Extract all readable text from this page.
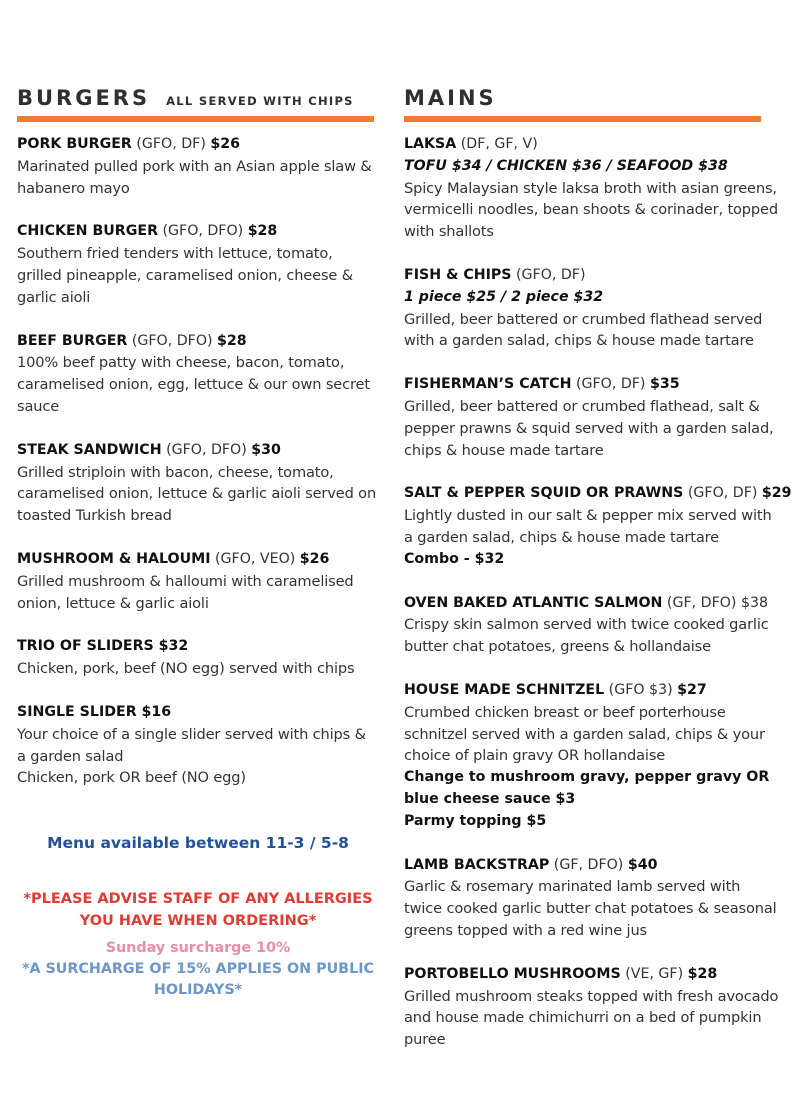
BURGERS ALL SERVED WITH CHIPS
PORK BURGER (GFO, DF) $26
Marinated pulled pork with an Asian apple slaw & habanero mayo
CHICKEN BURGER (GFO, DFO) $28
Southern fried tenders with lettuce, tomato, grilled pineapple, caramelised onion, cheese & garlic aioli
BEEF BURGER (GFO, DFO) $28
100% beef patty with cheese, bacon, tomato, caramelised onion, egg, lettuce & our own secret sauce
STEAK SANDWICH (GFO, DFO) $30
Grilled striploin with bacon, cheese, tomato, caramelised onion, lettuce & garlic aioli served on toasted Turkish bread
MUSHROOM & HALOUMI (GFO, VEO) $26
Grilled mushroom & halloumi with caramelised onion, lettuce & garlic aioli
TRIO OF SLIDERS $32
Chicken, pork, beef (NO egg) served with chips
SINGLE SLIDER $16
Your choice of a single slider served with chips & a garden salad
Chicken, pork OR beef (NO egg)
Menu available between 11-3 / 5-8
*PLEASE ADVISE STAFF OF ANY ALLERGIES YOU HAVE WHEN ORDERING*
Sunday surcharge 10%
*A SURCHARGE OF 15% APPLIES ON PUBLIC HOLIDAYS*
MAINS
LAKSA (DF, GF, V)
TOFU $34 / CHICKEN $36 / SEAFOOD $38
Spicy Malaysian style laksa broth with asian greens, vermicelli noodles, bean shoots & corinader, topped with shallots
FISH & CHIPS (GFO, DF)
1 piece $25 / 2 piece $32
Grilled, beer battered or crumbed flathead served with a garden salad, chips & house made tartare
FISHERMAN’S CATCH (GFO, DF) $35
Grilled, beer battered or crumbed flathead, salt & pepper prawns & squid served with a garden salad, chips & house made tartare
SALT & PEPPER SQUID OR PRAWNS (GFO, DF) $29
Lightly dusted in our salt & pepper mix served with a garden salad, chips & house made tartare
Combo - $32
OVEN BAKED ATLANTIC SALMON (GF, DFO) $38
Crispy skin salmon served with twice cooked garlic butter chat potatoes, greens & hollandaise
HOUSE MADE SCHNITZEL (GFO $3) $27
Crumbed chicken breast or beef porterhouse schnitzel served with a garden salad, chips & your choice of plain gravy OR hollandaise
Change to mushroom gravy, pepper gravy OR blue cheese sauce $3
Parmy topping $5
LAMB BACKSTRAP (GF, DFO) $40
Garlic & rosemary marinated lamb served with twice cooked garlic butter chat potatoes & seasonal greens topped with a red wine jus
PORTOBELLO MUSHROOMS (VE, GF) $28
Grilled mushroom steaks topped with fresh avocado and house made chimichurri on a bed of pumpkin puree
